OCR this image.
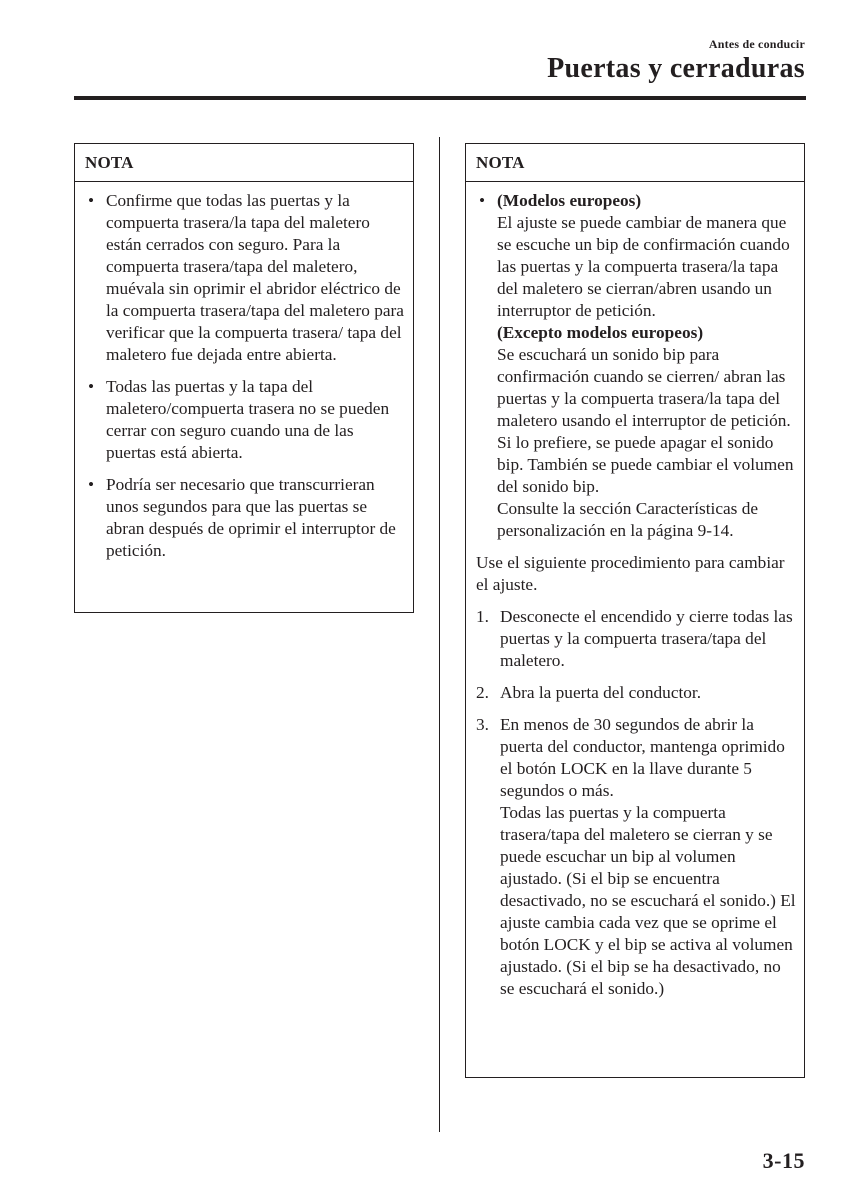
Antes de conducir
Puertas y cerraduras
NOTA
• Confirme que todas las puertas y la compuerta trasera/la tapa del maletero están cerrados con seguro. Para la compuerta trasera/tapa del maletero, muévala sin oprimir el abridor eléctrico de la compuerta trasera/tapa del maletero para verificar que la compuerta trasera/ tapa del maletero fue dejada entre abierta.
• Todas las puertas y la tapa del maletero/compuerta trasera no se pueden cerrar con seguro cuando una de las puertas está abierta.
• Podría ser necesario que transcurrieran unos segundos para que las puertas se abran después de oprimir el interruptor de petición.
NOTA
• (Modelos europeos)
El ajuste se puede cambiar de manera que se escuche un bip de confirmación cuando las puertas y la compuerta trasera/la tapa del maletero se cierran/abren usando un interruptor de petición.
(Excepto modelos europeos)
Se escuchará un sonido bip para confirmación cuando se cierren/ abran las puertas y la compuerta trasera/la tapa del maletero usando el interruptor de petición. Si lo prefiere, se puede apagar el sonido bip. También se puede cambiar el volumen del sonido bip.
Consulte la sección Características de personalización en la página 9-14.

Use el siguiente procedimiento para cambiar el ajuste.

1. Desconecte el encendido y cierre todas las puertas y la compuerta trasera/tapa del maletero.
2. Abra la puerta del conductor.
3. En menos de 30 segundos de abrir la puerta del conductor, mantenga oprimido el botón LOCK en la llave durante 5 segundos o más.
Todas las puertas y la compuerta trasera/tapa del maletero se cierran y se puede escuchar un bip al volumen ajustado. (Si el bip se encuentra desactivado, no se escuchará el sonido.) El ajuste cambia cada vez que se oprime el botón LOCK y el bip se activa al volumen ajustado. (Si el bip se ha desactivado, no se escuchará el sonido.)
3-15
